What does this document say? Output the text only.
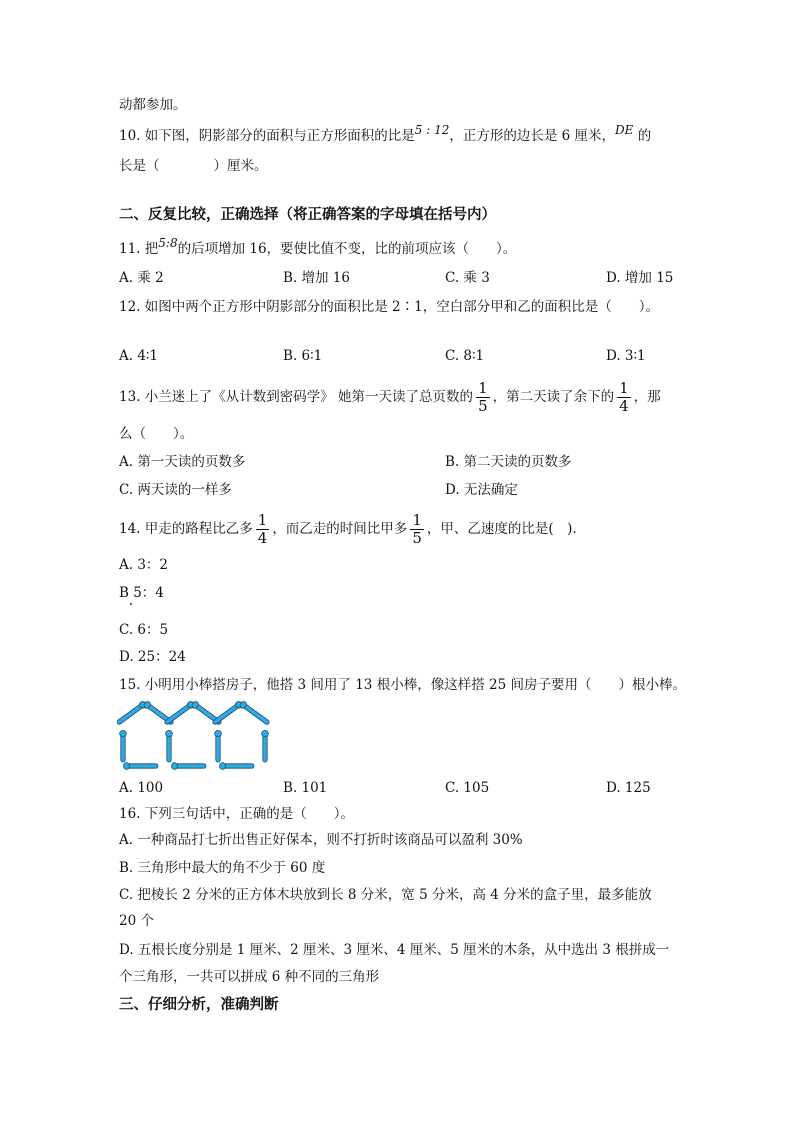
动都参加。
10. 如下图，阴影部分的面积与正方形面积的比是5 : 12，正方形的边长是 6 厘米，DE 的
长是（　　　　）厘米。
二、反复比较，正确选择（将正确答案的字母填在括号内）
11. 把5:8的后项增加 16，要使比值不变，比的前项应该（　　）。
A. 乘 2	B. 增加 16	C. 乘 3	D. 增加 15
12. 如图中两个正方形中阴影部分的面积比是 2∶1，空白部分甲和乙的面积比是（　　）。
A. 4∶1	B. 6∶1	C. 8∶1	D. 3∶1
13. 小兰迷上了《从计数到密码学》 她第一天读了总页数的 $\frac{1}{5}$ ，第二天读了余下的 $\frac{1}{4}$ ，那
么（　　）。
A. 第一天读的页数多	B. 第二天读的页数多
C. 两天读的一样多	D. 无法确定
14. 甲走的路程比乙多 $\frac{1}{4}$ ，而乙走的时间比甲多 $\frac{1}{5}$ ，甲、乙速度的比是(　).
A. 3：2
B 5：4
C. 6：5
D. 25：24
15. 小明用小棒搭房子，他搭 3 间用了 13 根小棒，像这样搭 25 间房子要用（　　）根小棒。
A. 100	B. 101	C. 105	D. 125
16. 下列三句话中，正确的是（　　）。
A. 一种商品打七折出售正好保本，则不打折时该商品可以盈利 30%
B. 三角形中最大的角不少于 60 度
C. 把棱长 2 分米的正方体木块放到长 8 分米，宽 5 分米，高 4 分米的盒子里，最多能放
20 个
D. 五根长度分别是 1 厘米、2 厘米、3 厘米、4 厘米、5 厘米的木条，从中选出 3 根拼成一
个三角形，一共可以拼成 6 种不同的三角形
三、仔细分析，准确判断
